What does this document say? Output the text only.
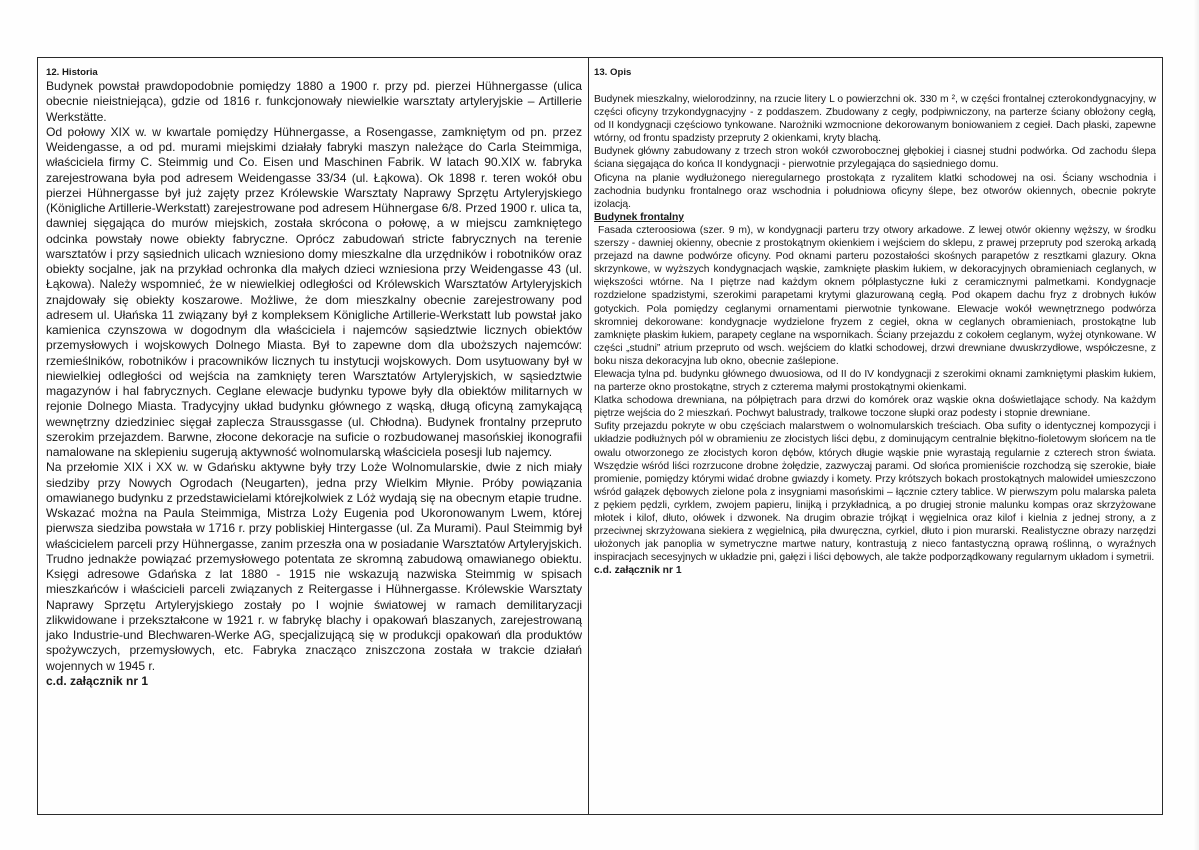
12. Historia

Budynek powstał prawdopodobnie pomiędzy 1880 a 1900 r. przy pd. pierzei Hühnergasse (ulica obecnie nieistniejąca), gdzie od 1816 r. funkcjonowały niewielkie warsztaty artyleryjskie – Artillerie Werkstätte.

Od połowy XIX w. w kwartale pomiędzy Hühnergasse, a Rosengasse, zamkniętym od pn. przez Weidengasse, a od pd. murami miejskimi działały fabryki maszyn należące do Carla Steimmiga, właściciela firmy C. Steimmig und Co. Eisen und Maschinen Fabrik. W latach 90.XIX w. fabryka zarejestrowana była pod adresem Weidengasse 33/34 (ul. Łąkowa). Ok 1898 r. teren wokół obu pierzei Hühnergasse był już zajęty przez Królewskie Warsztaty Naprawy Sprzętu Artyleryjskiego (Königliche Artillerie-Werkstatt) zarejestrowane pod adresem Hühnergase 6/8. Przed 1900 r. ulica ta, dawniej sięgająca do murów miejskich, została skrócona o połowę, a w miejscu zamkniętego odcinka powstały nowe obiekty fabryczne. Oprócz zabudowań stricte fabrycznych na terenie warsztatów i przy sąsiednich ulicach wzniesiono domy mieszkalne dla urzędników i robotników oraz obiekty socjalne, jak na przykład ochronka dla małych dzieci wzniesiona przy Weidengasse 43 (ul. Łąkowa). Należy wspomnieć, że w niewielkiej odległości od Królewskich Warsztatów Artyleryjskich znajdowały się obiekty koszarowe. Możliwe, że dom mieszkalny obecnie zarejestrowany pod adresem ul. Ułańska 11 związany był z kompleksem Königliche Artillerie-Werkstatt lub powstał jako kamienica czynszowa w dogodnym dla właściciela i najemców sąsiedztwie licznych obiektów przemysłowych i wojskowych Dolnego Miasta. Był to zapewne dom dla uboższych najemców: rzemieślników, robotników i pracowników licznych tu instytucji wojskowych. Dom usytuowany był w niewielkiej odległości od wejścia na zamknięty teren Warsztatów Artyleryjskich, w sąsiedztwie magazynów i hal fabrycznych. Ceglane elewacje budynku typowe były dla obiektów militarnych w rejonie Dolnego Miasta. Tradycyjny układ budynku głównego z wąską, długą oficyną zamykającą wewnętrzny dziedziniec sięgał zaplecza Straussgasse (ul. Chłodna). Budynek frontalny przepruto szerokim przejazdem. Barwne, złocone dekoracje na suficie o rozbudowanej masońskiej ikonografii namalowane na sklepieniu sugerują aktywność wolnomularską właściciela posesji lub najemcy.

Na przełomie XIX i XX w. w Gdańsku aktywne były trzy Loże Wolnomularskie, dwie z nich miały siedziby przy Nowych Ogrodach (Neugarten), jedna przy Wielkim Młynie. Próby powiązania omawianego budynku z przedstawicielami którejkolwiek z Lóż wydają się na obecnym etapie trudne. Wskazać można na Paula Steimmiga, Mistrza Loży Eugenia pod Ukoronowanym Lwem, której pierwsza siedziba powstała w 1716 r. przy pobliskiej Hintergasse (ul. Za Murami). Paul Steimmig był właścicielem parceli przy Hühnergasse, zanim przeszła ona w posiadanie Warsztatów Artyleryjskich. Trudno jednakże powiązać przemysłowego potentata ze skromną zabudową omawianego obiektu. Księgi adresowe Gdańska z lat 1880 - 1915 nie wskazują nazwiska Steimmig w spisach mieszkańców i właścicieli parceli związanych z Reitergasse i Hühnergasse. Królewskie Warsztaty Naprawy Sprzętu Artyleryjskiego zostały po I wojnie światowej w ramach demilitaryzacji zlikwidowane i przekształcone w 1921 r. w fabrykę blachy i opakowań blaszanych, zarejestrowaną jako Industrie-und Blechwaren-Werke AG, specjalizującą się w produkcji opakowań dla produktów spożywczych, przemysłowych, etc. Fabryka znacząco zniszczona została w trakcie działań wojennych w 1945 r.

c.d. załącznik nr 1

13. Opis

Budynek mieszkalny, wielorodzinny, na rzucie litery L o powierzchni ok. 330 m ², w części frontalnej czterokondygnacyjny, w części oficyny trzykondygnacyjny - z poddaszem. Zbudowany z cegły, podpiwniczony, na parterze ściany obłożony cegłą, od II kondygnacji częściowo tynkowane. Narożniki wzmocnione dekorowanym boniowaniem z cegieł. Dach płaski, zapewne wtórny, od frontu spadzisty przepruty 2 okienkami, kryty blachą.

Budynek główny zabudowany z trzech stron wokół czworobocznej głębokiej i ciasnej studni podwórka. Od zachodu ślepa ściana sięgająca do końca II kondygnacji - pierwotnie przylegająca do sąsiedniego domu.

Oficyna na planie wydłużonego nieregularnego prostokąta z ryzalitem klatki schodowej na osi. Ściany wschodnia i zachodnia budynku frontalnego oraz wschodnia i południowa oficyny ślepe, bez otworów okiennych, obecnie pokryte izolacją.

Budynek frontalny

Fasada czteroosiowa (szer. 9 m), w kondygnacji parteru trzy otwory arkadowe. Z lewej otwór okienny węższy, w środku szerszy - dawniej okienny, obecnie z prostokątnym okienkiem i wejściem do sklepu, z prawej przepruty pod szeroką arkadą przejazd na dawne podwórze oficyny. Pod oknami parteru pozostałości skośnych parapetów z resztkami glazury. Okna skrzynkowe, w wyższych kondygnacjach wąskie, zamknięte płaskim łukiem, w dekoracyjnych obramieniach ceglanych, w większości wtórne. Na I piętrze nad każdym oknem półplastyczne łuki z ceramicznymi palmetkami. Kondygnacje rozdzielone spadzistymi, szerokimi parapetami krytymi glazurowaną cegłą. Pod okapem dachu fryz z drobnych łuków gotyckich. Pola pomiędzy ceglanymi ornamentami pierwotnie tynkowane. Elewacje wokół wewnętrznego podwórza skromniej dekorowane: kondygnacje wydzielone fryzem z cegieł, okna w ceglanych obramieniach, prostokątne lub zamknięte płaskim łukiem, parapety ceglane na wspornikach. Ściany przejazdu z cokołem ceglanym, wyżej otynkowane. W części „studni” atrium przepruto od wsch. wejściem do klatki schodowej, drzwi drewniane dwuskrzydłowe, współczesne, z boku nisza dekoracyjna lub okno, obecnie zaślepione.

Elewacja tylna pd. budynku głównego dwuosiowa, od II do IV kondygnacji z szerokimi oknami zamkniętymi płaskim łukiem, na parterze okno prostokątne, strych z czterema małymi prostokątnymi okienkami.

Klatka schodowa drewniana, na półpiętrach para drzwi do komórek oraz wąskie okna doświetlające schody. Na każdym piętrze wejścia do 2 mieszkań. Pochwyt balustrady, tralkowe toczone słupki oraz podesty i stopnie drewniane.

Sufity przejazdu pokryte w obu częściach malarstwem o wolnomularskich treściach. Oba sufity o identycznej kompozycji i układzie podłużnych pól w obramieniu ze złocistych liści dębu, z dominującym centralnie błękitno-fioletowym słońcem na tle owalu otworzonego ze złocistych koron dębów, których długie wąskie pnie wyrastają regularnie z czterech stron świata. Wszędzie wśród liści rozrzucone drobne żołędzie, zazwyczaj parami. Od słońca promieniście rozchodzą się szerokie, białe promienie, pomiędzy którymi widać drobne gwiazdy i komety. Przy krótszych bokach prostokątnych malowideł umieszczono wśród gałązek dębowych zielone pola z insygniami masońskimi – łącznie cztery tablice. W pierwszym polu malarska paleta z pękiem pędzli, cyrklem, zwojem papieru, linijką i przykładnicą, a po drugiej stronie malunku kompas oraz skrzyżowane młotek i kilof, dłuto, ołówek i dzwonek. Na drugim obrazie trójkąt i węgielnica oraz kilof i kielnia z jednej strony, a z przeciwnej skrzyżowana siekiera z węgielnicą, piła dwuręczna, cyrkiel, dłuto i pion murarski. Realistyczne obrazy narzędzi ułożonych jak panoplia w symetryczne martwe natury, kontrastują z nieco fantastyczną oprawą roślinną, o wyraźnych inspiracjach secesyjnych w układzie pni, gałęzi i liści dębowych, ale także podporządkowany regularnym układom i symetrii.

c.d. załącznik nr 1
